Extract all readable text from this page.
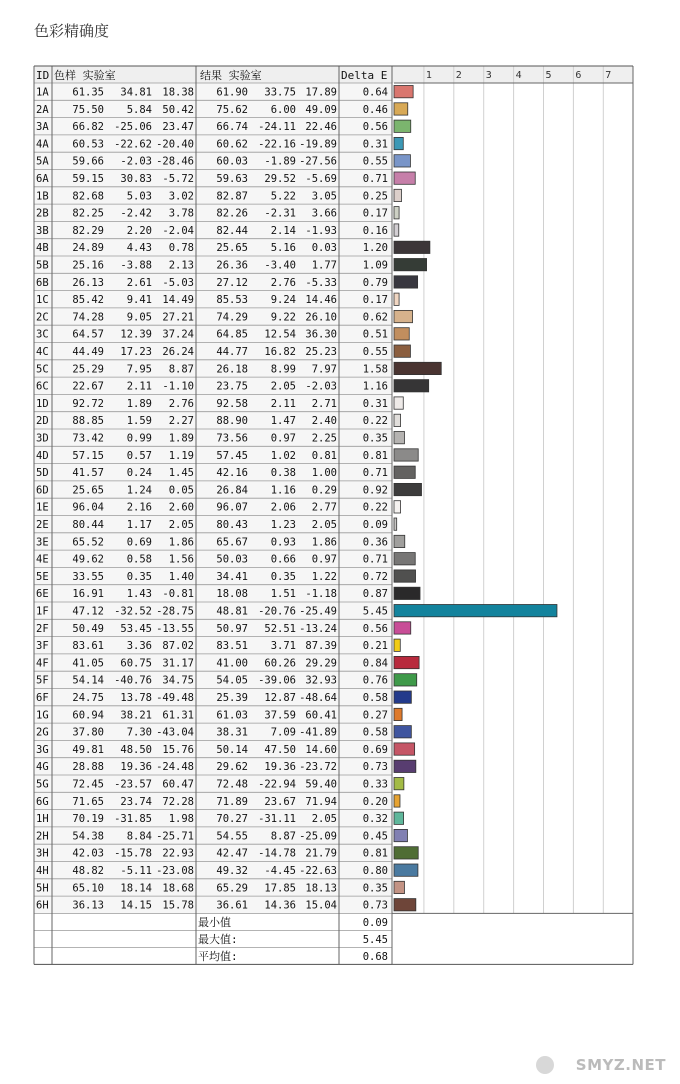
色彩精确度
1 2 3 4 5 6 7
ID 色样 实验室	结果 实验室	Delta E
1A 61.35 34.81 18.38 61.90 33.75 17.89 0.64
2A 75.50 5.84 50.42 75.62 6.00 49.09 0.46
3A 66.82 -25.06 23.47 66.74 -24.11 22.46 0.56
4A 60.53 -22.62 -20.40 60.62 -22.16 -19.89 0.31
5A 59.66 -2.03 -28.46 60.03 -1.89 -27.56 0.55
6A 59.15 30.83 -5.72 59.63 29.52 -5.69 0.71
1B 82.68 5.03 3.02 82.87 5.22 3.05 0.25
2B 82.25 -2.42 3.78 82.26 -2.31 3.66 0.17
3B 82.29 2.20 -2.04 82.44 2.14 -1.93 0.16
4B 24.89 4.43 0.78 25.65 5.16 0.03 1.20
5B 25.16 -3.88 2.13 26.36 -3.40 1.77 1.09
6B 26.13 2.61 -5.03 27.12 2.76 -5.33 0.79
1C 85.42 9.41 14.49 85.53 9.24 14.46 0.17
2C 74.28 9.05 27.21 74.29 9.22 26.10 0.62
3C 64.57 12.39 37.24 64.85 12.54 36.30 0.51
4C 44.49 17.23 26.24 44.77 16.82 25.23 0.55
5C 25.29 7.95 8.87 26.18 8.99 7.97 1.58
6C 22.67 2.11 -1.10 23.75 2.05 -2.03 1.16
1D 92.72 1.89 2.76 92.58 2.11 2.71 0.31
2D 88.85 1.59 2.27 88.90 1.47 2.40 0.22
3D 73.42 0.99 1.89 73.56 0.97 2.25 0.35
4D 57.15 0.57 1.19 57.45 1.02 0.81 0.81
5D 41.57 0.24 1.45 42.16 0.38 1.00 0.71
6D 25.65 1.24 0.05 26.84 1.16 0.29 0.92
1E 96.04 2.16 2.60 96.07 2.06 2.77 0.22
2E 80.44 1.17 2.05 80.43 1.23 2.05 0.09
3E 65.52 0.69 1.86 65.67 0.93 1.86 0.36
4E 49.62 0.58 1.56 50.03 0.66 0.97 0.71
5E 33.55 0.35 1.40 34.41 0.35 1.22 0.72
6E 16.91 1.43 -0.81 18.08 1.51 -1.18 0.87
1F 47.12 -32.52 -28.75 48.81 -20.76 -25.49 5.45
2F 50.49 53.45 -13.55 50.97 52.51 -13.24 0.56
3F 83.61 3.36 87.02 83.51 3.71 87.39 0.21
4F 41.05 60.75 31.17 41.00 60.26 29.29 0.84
5F 54.14 -40.76 34.75 54.05 -39.06 32.93 0.76
6F 24.75 13.78 -49.48 25.39 12.87 -48.64 0.58
1G 60.94 38.21 61.31 61.03 37.59 60.41 0.27
2G 37.80 7.30 -43.04 38.31 7.09 -41.89 0.58
3G 49.81 48.50 15.76 50.14 47.50 14.60 0.69
4G 28.88 19.36 -24.48 29.62 19.36 -23.72 0.73
5G 72.45 -23.57 60.47 72.48 -22.94 59.40 0.33
6G 71.65 23.74 72.28 71.89 23.67 71.94 0.20
1H 70.19 -31.85 1.98 70.27 -31.11 2.05 0.32
2H 54.38 8.84 -25.71 54.55 8.87 -25.09 0.45
3H 42.03 -15.78 22.93 42.47 -14.78 21.79 0.81
4H 48.82 -5.11 -23.08 49.32 -4.45 -22.63 0.80
5H 65.10 18.14 18.68 65.29 17.85 18.13 0.35
6H 36.13 14.15 15.78 36.61 14.36 15.04 0.73
最小值	0.09
最大值:	5.45
平均值:	0.68
SMYZ.NET
